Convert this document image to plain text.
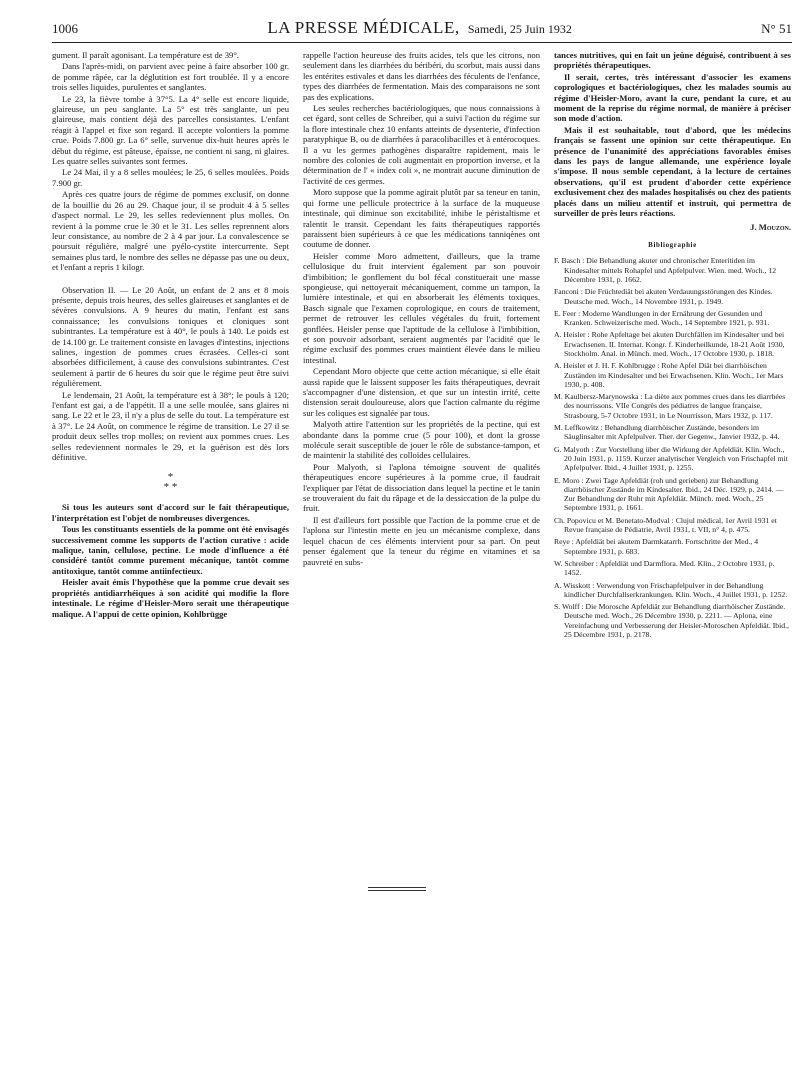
1006	LA PRESSE MÉDICALE, Samedi, 25 Juin 1932	N° 51

gument. Il paraît agonisant. La température est de 39°.

Dans l'après-midi, on parvient avec peine à faire absorber 100 gr. de pomme râpée, car la déglutition est fort troublée. Il y a encore trois selles liquides, purulentes et sanglantes.

Le 23, la fièvre tombe à 37°5. La 4° selle est encore liquide, glaireuse, un peu sanglante. La 5° est très sanglante, un peu glaireuse, mais contient déjà des parcelles consistantes. L'enfant réagit à l'appel et fixe son regard. Il accepte volontiers la pomme crue. Poids 7.800 gr. La 6° selle, survenue dix-huit heures après le début du régime, est pâteuse, épaisse, ne contient ni sang, ni glaires. Les quatre selles suivantes sont fermes.

Le 24 Mai, il y a 8 selles moulées; le 25, 6 selles moulées. Poids 7.900 gr.

Après ces quatre jours de régime de pommes exclusif, on donne de la bouillie du 26 au 29. Chaque jour, il se produit 4 à 5 selles d'aspect normal. Le 29, les selles redeviennent plus molles. On revient à la pomme crue le 30 et le 31. Les selles reprennent alors leur consistance, au nombre de 2 à 4 par jour. La convalescence se poursuit régulière, malgré une pyélo-cystite intercurrente. Sept semaines plus tard, le nombre des selles ne dépasse pas une ou deux, et l'enfant a repris 1 kilogr.

Observation II. — Le 20 Août, un enfant de 2 ans et 8 mois présente, depuis trois heures, des selles glaireuses et sanglantes et de sévères convulsions. A 9 heures du matin, l'enfant est sans connaissance; les convulsions toniques et cloniques sont subintrantes. La température est à 40°, le pouls à 140. Le poids est de 14.100 gr. Le traitement consiste en lavages d'intestins, injections salines, ingestion de pommes crues écrasées. Celles-ci sont absorbées difficilement, à cause des convulsions subintrantes. C'est seulement à partir de 6 heures du soir que le régime peut être suivi régulièrement.

Le lendemain, 21 Août, la température est à 38°; le pouls à 120; l'enfant est gai, a de l'appétit. Il a une selle moulée, sans glaires ni sang. Le 22 et le 23, il n'y a plus de selle du tout. La température est à 37°. Le 24 Août, on commence le régime de transition. Le 27 il se produit deux selles trop molles; on revient aux pommes crues. Les selles redeviennent normales le 29, et la guérison est dès lors définitive.

*
* *

Si tous les auteurs sont d'accord sur le fait thérapeutique, l'interprétation est l'objet de nombreuses divergences.

Tous les constituants essentiels de la pomme ont été envisagés successivement comme les supports de l'action curative : acide malique, tanin, cellulose, pectine. Le mode d'influence a été considéré tantôt comme purement mécanique, tantôt comme antitoxique, tantôt comme antiinfectieux.

Heisler avait émis l'hypothèse que la pomme crue devait ses propriétés antidiarrhéiques à son acidité qui modifie la flore intestinale. Le régime d'Heisler-Moro serait une thérapeutique malique. A l'appui de cette opinion, Kohlbrügge

rappelle l'action heureuse des fruits acides, tels que les citrons, non seulement dans les diarrhées du béribéri, du scorbut, mais aussi dans les entérites estivales et dans les diarrhées des féculents de l'enfance, types des diarrhées de fermentation. Mais des comparaisons ne sont pas des explications.

Les seules recherches bactériologiques, que nous connaissions à cet égard, sont celles de Schreiber, qui a suivi l'action du régime sur la flore intestinale chez 10 enfants atteints de dysenterie, d'infection paratyphique B, ou de diarrhées à paracolibacilles et à entérocoques. Il a vu les germes pathogènes disparaître rapidement, mais le nombre des colonies de coli augmentait en proportion inverse, et la détermination de l' « index coli », ne montrait aucune diminution de l'activité de ces germes.

Moro suppose que la pomme agirait plutôt par sa teneur en tanin, qui forme une pellicule protectrice à la surface de la muqueuse intestinale, qui diminue son excitabilité, inhibe le péristaltisme et ralentit le transit. Cependant les faits thérapeutiques rapportés paraissent bien supérieurs à ce que les médications tanniqènes ont coutume de donner.

Heisler comme Moro admettent, d'ailleurs, que la trame cellulosique du fruit intervient également par son pouvoir d'imbibition; le gonflement du bol fécal constituerait une masse spongieuse, qui nettoyerait mécaniquement, comme un tampon, la lumière intestinale, et qui en absorberait les éléments toxiques. Basch signale que l'examen coprologique, en cours de traitement, permet de retrouver les cellules végétales du fruit, fortement gonflées. Heisler pense que l'aptitude de la cellulose à l'imbibition, et son pouvoir adsorbant, seraient augmentés par l'acidité que le régime exclusif des pommes crues maintient élevée dans le milieu intestinal.

Cependant Moro objecte que cette action mécanique, si elle était aussi rapide que le laissent supposer les faits thérapeutiques, devrait s'accompagner d'une distension, et que sur un intestin irrité, cette distension serait douloureuse, alors que l'action calmante du régime sur les coliques est signalée par tous.

Malyoth attire l'attention sur les propriétés de la pectine, qui est abondante dans la pomme crue (5 pour 100), et dont la grosse molécule serait susceptible de jouer le rôle de substance-tampon, et de maintenir la stabilité des colloïdes cellulaires.

Pour Malyoth, si l'aplona témoigne souvent de qualités thérapeutiques encore supérieures à la pomme crue, il faudrait l'expliquer par l'état de dissociation dans lequel la pectine et le tanin se trouveraient du fait du râpage et de la dessiccation de la pulpe du fruit.

Il est d'ailleurs fort possible que l'action de la pomme crue et de l'aplona sur l'intestin mette en jeu un mécanisme complexe, dans lequel chacun de ces éléments intervient pour sa part. On peut penser également que la teneur du régime en vitamines et sa pauvreté en subs-

tances nutritives, qui en fait un jeûne déguisé, contribuent à ses propriétés thérapeutiques.

Il serait, certes, très intéressant d'associer les examens coprologiques et bactériologiques, chez les malades soumis au régime d'Heisler-Moro, avant la cure, pendant la cure, et au moment de la reprise du régime normal, de manière à préciser son mode d'action.

Mais il est souhaitable, tout d'abord, que les médecins français se fassent une opinion sur cette thérapeutique. En présence de l'unanimité des appréciations favorables émises dans les pays de langue allemande, une expérience loyale s'impose. Il nous semble cependant, à la lecture de certaines observations, qu'il est prudent d'aborder cette expérience exclusivement chez des malades hospitalisés ou chez des patients placés dans un milieu attentif et instruit, qui permettra de surveiller de près leurs réactions.

J. Mouzon.
Bibliographie
F. Basch : Die Behandlung akuter und chronischer Enteritiden im Kindesalter mittels Rohapfel und Apfelpulver. Wien. med. Woch., 12 Décembre 1931, p. 1662.
Fanconi : Die Früchtediät bei akuten Verdauungsstörungen des Kindes. Deutsche med. Woch., 14 Novembre 1931, p. 1949.
E. Feer : Moderne Wandlungen in der Ernährung der Gesunden und Kranken. Schweizerische med. Woch., 14 Septembre 1921, p. 931.
A. Heisler : Rohe Apfeltage bei akuten Durchfällen im Kindesalter und bei Erwachsenen. II. Internat. Kongr. f. Kinderheilkunde, 18-21 Août 1930, Stockholm. Anal. in Münch. med. Woch., 17 Octobre 1930, p. 1818.
A. Heisler et J. H. F. Kohlbrugge : Rohe Apfel Diät bei diarrhöischen Zuständen im Kindesalter und bei Erwachsenen. Klin. Woch., 1er Mars 1930, p. 408.
M. Kaulbersz-Marynowska : La diète aux pommes crues dans les diarrhées des nourrissons. VIIe Congrès des pédiatres de langue française, Strasbourg, 5-7 Octobre 1931, in Le Nourrisson, Mars 1932, p. 117.
M. Leffkowitz : Behandlung diarrhöischer Zustände, besonders im Säuglinsalter mit Apfelpulver. Ther. der Gegenw., Janvier 1932, p. 44.
G. Malyoth : Zur Vorstellung über die Wirkung der Apfeldiät. Klin. Woch., 20 Juin 1931, p. 1159. Kurzer analytischer Vergleich von Frischapfel mit Apfelpulver. Ibid., 4 Juillet 1931, p. 1255.
E. Moro : Zwei Tage Apfeldiät (roh und gerieben) zur Behandlung diarrhöischer Zustände im Kindesalter. Ibid., 24 Déc. 1929, p. 2414. — Zur Behandlung der Ruhr mit Apfeldiät. Münch. med. Woch., 25 Septembre 1931, p. 1661.
Ch. Popovicu et M. Benetato-Modval : Clujul médical, 1er Avril 1931 et Revue française de Pédiatrie, Avril 1931, t. VII, n° 4, p. 475.
Reye : Apfeldiät bei akutem Darmkatarrh. Fortschritte der Med., 4 Septembre 1931, p. 683.
W. Schreiber : Apfeldiät und Darmflora. Med. Klin., 2 Octobre 1931, p. 1452.
A. Wisskott : Verwendung von Frischapfelpulver in der Behandlung kindlicher Durchfallserkrankungen. Klin. Woch., 4 Juillet 1931, p. 1252.
S. Wolff : Die Morosche Apfeldiät zur Behandlung diarrhöischer Zustände. Deutsche med. Woch., 26 Décembre 1930, p. 2211. — Aplona, eine Vereinfachung und Verbesserung der Heisler-Moroschen Apfeldiät. Ibid., 25 Décembre 1931, p. 2178.
